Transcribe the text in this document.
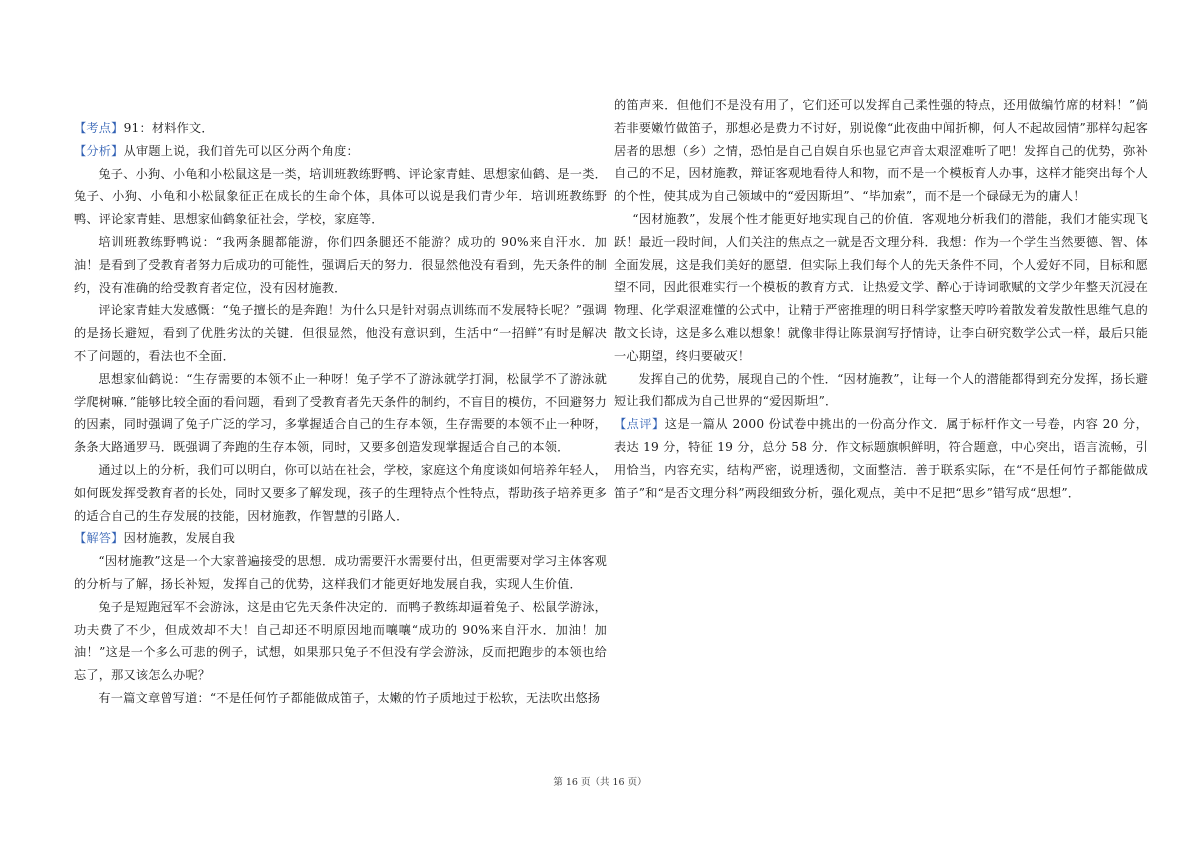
【考点】91：材料作文．

【分析】从审题上说，我们首先可以区分两个角度：

兔子、小狗、小龟和小松鼠这是一类，培训班教练野鸭、评论家青蛙、思想家仙鹤、是一类．兔子、小狗、小龟和小松鼠象征正在成长的生命个体，具体可以说是我们青少年．培训班教练野鸭、评论家青蛙、思想家仙鹤象征社会，学校，家庭等．

培训班教练野鸭说：“我两条腿都能游，你们四条腿还不能游？成功的 90%来自汗水．加油！是看到了受教育者努力后成功的可能性，强调后天的努力．很显然他没有看到，先天条件的制约，没有准确的给受教育者定位，没有因材施教．

评论家青蛙大发感慨：“兔子擅长的是奔跑！为什么只是针对弱点训练而不发展特长呢？”强调的是扬长避短，看到了优胜劣汰的关键．但很显然，他没有意识到，生活中“一招鲜”有时是解决不了问题的，看法也不全面．

思想家仙鹤说：“生存需要的本领不止一种呀！兔子学不了游泳就学打洞，松鼠学不了游泳就学爬树嘛．”能够比较全面的看问题，看到了受教育者先天条件的制约，不盲目的模仿，不回避努力的因素，同时强调了兔子广泛的学习，多掌握适合自己的生存本领，生存需要的本领不止一种呀，条条大路通罗马．既强调了奔跑的生存本领，同时，又要多创造发现掌握适合自己的本领．

通过以上的分析，我们可以明白，你可以站在社会，学校，家庭这个角度谈如何培养年轻人，如何既发挥受教育者的长处，同时又要多了解发现，孩子的生理特点个性特点，帮助孩子培养更多的适合自己的生存发展的技能，因材施教，作智慧的引路人．

【解答】因材施教，发展自我

“因材施教”这是一个大家普遍接受的思想．成功需要汗水需要付出，但更需要对学习主体客观的分析与了解，扬长补短，发挥自己的优势，这样我们才能更好地发展自我，实现人生价值．

兔子是短跑冠军不会游泳，这是由它先天条件决定的．而鸭子教练却逼着兔子、松鼠学游泳，功夫费了不少，但成效却不大！自己却还不明原因地而嚷嚷“成功的 90%来自汗水．加油！加油！”这是一个多么可悲的例子，试想，如果那只兔子不但没有学会游泳，反而把跑步的本领也给忘了，那又该怎么办呢？

有一篇文章曾写道：“不是任何竹子都能做成笛子，太嫩的竹子质地过于松软，无法吹出悠扬

的笛声来．但他们不是没有用了，它们还可以发挥自己柔性强的特点，还用做编竹席的材料！”倘若非要嫩竹做笛子，那想必是费力不讨好，别说像“此夜曲中闻折柳，何人不起故园情”那样勾起客居者的思想（乡）之情，恐怕是自己自娱自乐也显它声音太艰涩难听了吧！发挥自己的优势，弥补自己的不足，因材施教，辩证客观地看待人和物，而不是一个模板育人办事，这样才能突出每个人的个性，使其成为自己领域中的“爱因斯坦”、“毕加索”，而不是一个碌碌无为的庸人！

“因材施教”，发展个性才能更好地实现自己的价值．客观地分析我们的潜能，我们才能实现飞跃！最近一段时间，人们关注的焦点之一就是否文理分科．我想：作为一个学生当然要德、智、体全面发展，这是我们美好的愿望．但实际上我们每个人的先天条件不同，个人爱好不同，目标和愿望不同，因此很难实行一个模板的教育方式．让热爱文学、醉心于诗词歌赋的文学少年整天沉浸在物理、化学艰涩难懂的公式中，让精于严密推理的明日科学家整天哼吟着散发着发散性思维气息的散文长诗，这是多么难以想象！就像非得让陈景润写抒情诗，让李白研究数学公式一样，最后只能一心期望，终归要破灭！

发挥自己的优势，展现自己的个性．“因材施教”，让每一个人的潜能都得到充分发挥，扬长避短让我们都成为自己世界的“爱因斯坦”．

【点评】这是一篇从 2000 份试卷中挑出的一份高分作文．属于标杆作文一号卷，内容 20 分，表达 19 分，特征 19 分，总分 58 分．作文标题旗帜鲜明，符合题意，中心突出，语言流畅，引用恰当，内容充实，结构严密，说理透彻，文面整洁．善于联系实际，在“不是任何竹子都能做成笛子”和“是否文理分科”两段细致分析，强化观点，美中不足把“思乡”错写成“思想”．

第 16 页（共 16 页）
